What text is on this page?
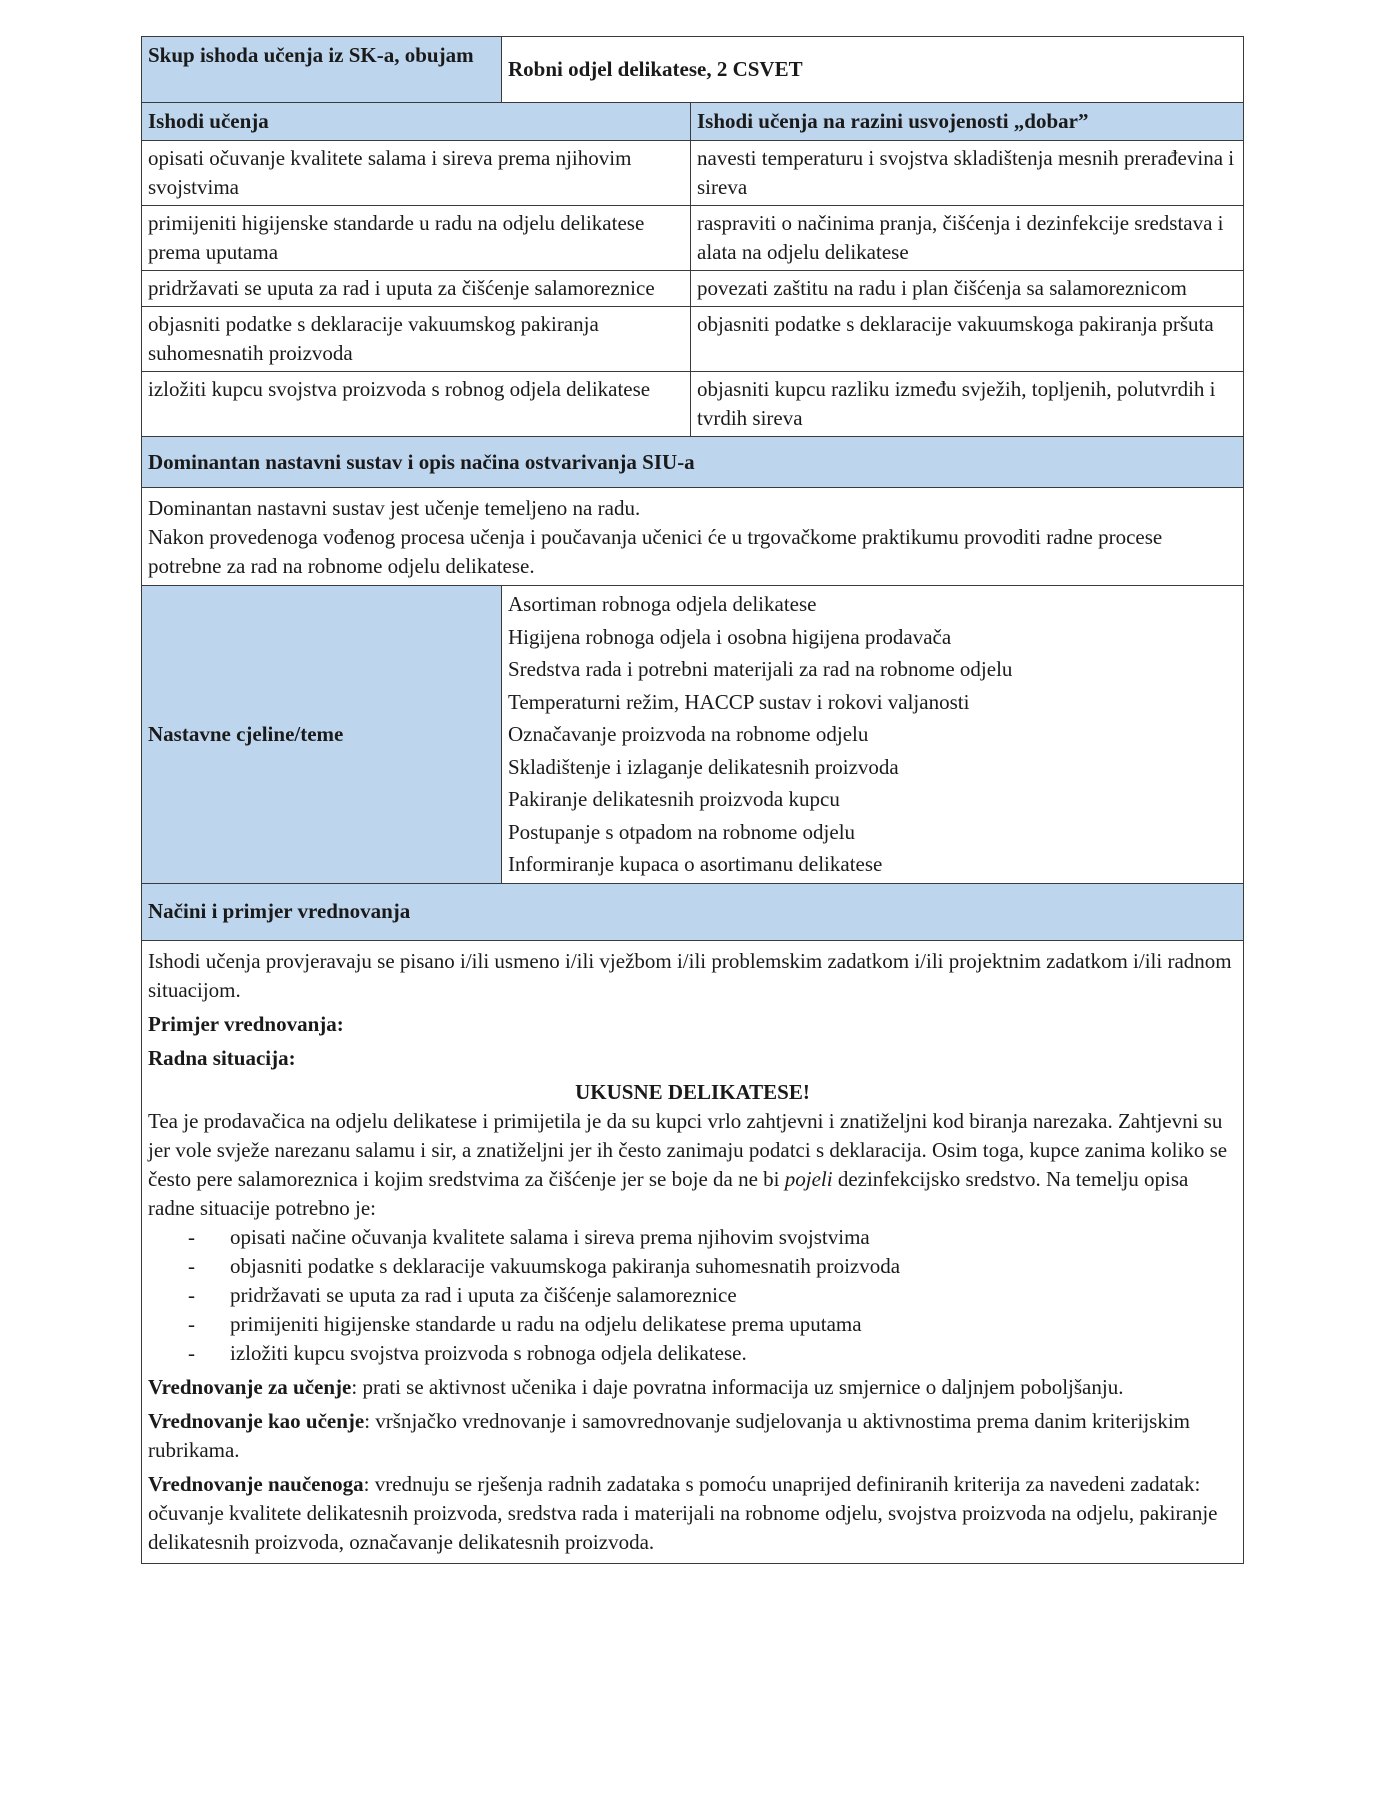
Skup ishoda učenja iz SK-a, obujam	Robni odjel delikatese, 2 CSVET	
Ishodi učenja		Ishodi učenja na razini usvojenosti „dobar”
opisati očuvanje kvalitete salama i sireva prema njihovim svojstvima		navesti temperaturu i svojstva skladištenja mesnih prerađevina i sireva
primijeniti higijenske standarde u radu na odjelu delikatese prema uputama		raspraviti o načinima pranja, čišćenja i dezinfekcije sredstava i alata na odjelu delikatese
pridržavati se uputa za rad i uputa za čišćenje salamoreznice		povezati zaštitu na radu i plan čišćenja sa salamoreznicom
objasniti podatke s deklaracije vakuumskog pakiranja suhomesnatih proizvoda		objasniti podatke s deklaracije vakuumskoga pakiranja pršuta
izložiti kupcu svojstva proizvoda s robnog odjela delikatese		objasniti kupcu razliku između svježih, topljenih, polutvrdih i tvrdih sireva
Dominantan nastavni sustav i opis načina ostvarivanja SIU-a		

Dominantan nastavni sustav jest učenje temeljeno na radu.

Nakon provedenoga vođenog procesa učenja i poučavanja učenici će u trgovačkome praktikumu provoditi radne procese potrebne za rad na robnome odjelu delikatese.		

Nastavne cjeline/teme	
Asortiman robnoga odjela delikatese
Higijena robnoga odjela i osobna higijena prodavača
Sredstva rada i potrebni materijali za rad na robnome odjelu
Temperaturni režim, HACCP sustav i rokovi valjanosti
Označavanje proizvoda na robnome odjelu
Skladištenje i izlaganje delikatesnih proizvoda
Pakiranje delikatesnih proizvoda kupcu
Postupanje s otpadom na robnome odjelu
Informiranje kupaca o asortimanu delikatese

Načini i primjer vrednovanja		

Ishodi učenja provjeravaju se pisano i/ili usmeno i/ili vježbom i/ili problemskim zadatkom i/ili projektnim zadatkom i/ili radnom situacijom.

Primjer vrednovanja:

Radna situacija:

UKUSNE DELIKATESE!

Tea je prodavačica na odjelu delikatese i primijetila je da su kupci vrlo zahtjevni i znatiželjni kod biranja narezaka. Zahtjevni su jer vole svježe narezanu salamu i sir, a znatiželjni jer ih često zanimaju podatci s deklaracija. Osim toga, kupce zanima koliko se često pere salamoreznica i kojim sredstvima za čišćenje jer se boje da ne bi pojeli dezinfekcijsko sredstvo. Na temelju opisa radne situacije potrebno je:

- opisati načine očuvanja kvalitete salama i sireva prema njihovim svojstvima
- objasniti podatke s deklaracije vakuumskoga pakiranja suhomesnatih proizvoda
- pridržavati se uputa za rad i uputa za čišćenje salamoreznice
- primijeniti higijenske standarde u radu na odjelu delikatese prema uputama
- izložiti kupcu svojstva proizvoda s robnoga odjela delikatese.

Vrednovanje za učenje: prati se aktivnost učenika i daje povratna informacija uz smjernice o daljnjem poboljšanju.

Vrednovanje kao učenje: vršnjačko vrednovanje i samovrednovanje sudjelovanja u aktivnostima prema danim kriterijskim rubrikama.

Vrednovanje naučenoga: vrednuju se rješenja radnih zadataka s pomoću unaprijed definiranih kriterija za navedeni zadatak: očuvanje kvalitete delikatesnih proizvoda, sredstva rada i materijali na robnome odjelu, svojstva proizvoda na odjelu, pakiranje delikatesnih proizvoda, označavanje delikatesnih proizvoda.
